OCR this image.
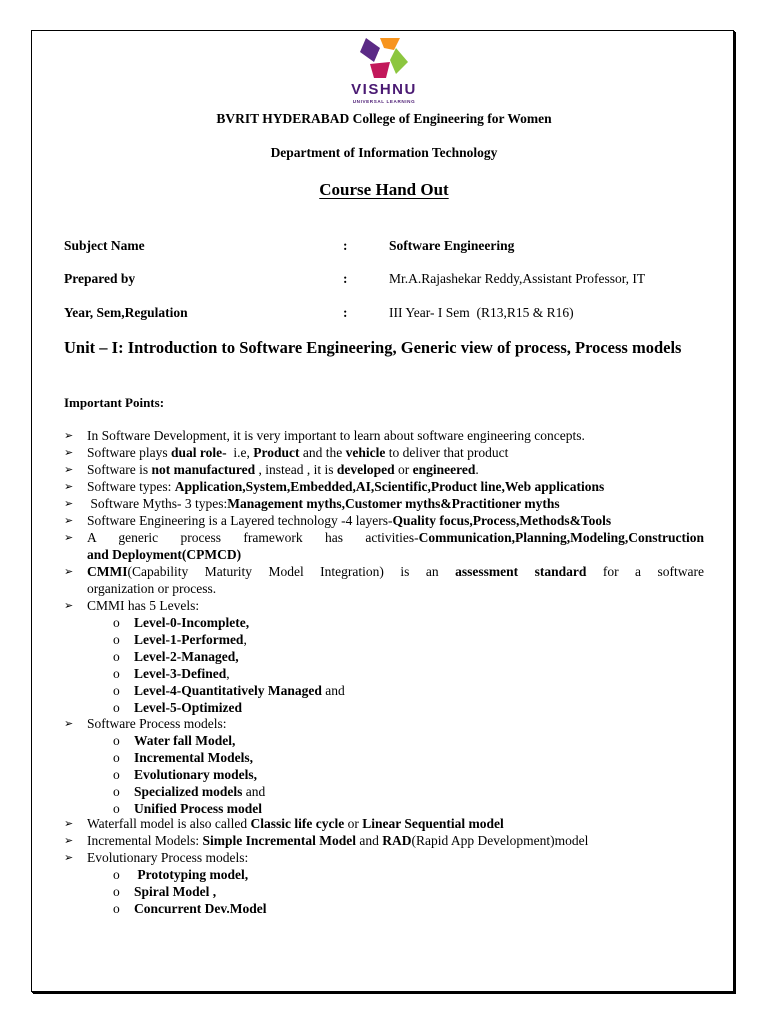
VISHNU
UNIVERSAL LEARNING
BVRIT HYDERABAD College of Engineering for Women
Department of Information Technology
Course Hand Out
Subject Name	:	Software Engineering
Prepared by	:	Mr.A.Rajashekar Reddy,Assistant Professor, IT
Year, Sem,Regulation	:	III Year- I Sem  (R13,R15 & R16)
Unit – I: Introduction to Software Engineering, Generic view of process, Process models
Important Points:
➢ In Software Development, it is very important to learn about software engineering concepts.
➢ Software plays dual role-  i.e, Product and the vehicle to deliver that product
➢ Software is not manufactured , instead , it is developed or engineered.
➢ Software types: Application,System,Embedded,AI,Scientific,Product line,Web applications
➢ Software Myths- 3 types:Management myths,Customer myths&Practitioner myths
➢ Software Engineering is a Layered technology -4 layers-Quality focus,Process,Methods&Tools
➢ A generic process framework has activities-Communication,Planning,Modeling,Construction
and Deployment(CPMCD)
➢ CMMI(Capability Maturity Model Integration) is an assessment standard for a software
organization or process.
➢ CMMI has 5 Levels:
o Level-0-Incomplete,
o Level-1-Performed,
o Level-2-Managed,
o Level-3-Defined,
o Level-4-Quantitatively Managed and
o Level-5-Optimized
➢ Software Process models:
o Water fall Model,
o Incremental Models,
o Evolutionary models,
o Specialized models and
o Unified Process model
➢ Waterfall model is also called Classic life cycle or Linear Sequential model
➢ Incremental Models: Simple Incremental Model and RAD(Rapid App Development)model
➢ Evolutionary Process models:
o Prototyping model,
o Spiral Model ,
o Concurrent Dev.Model
